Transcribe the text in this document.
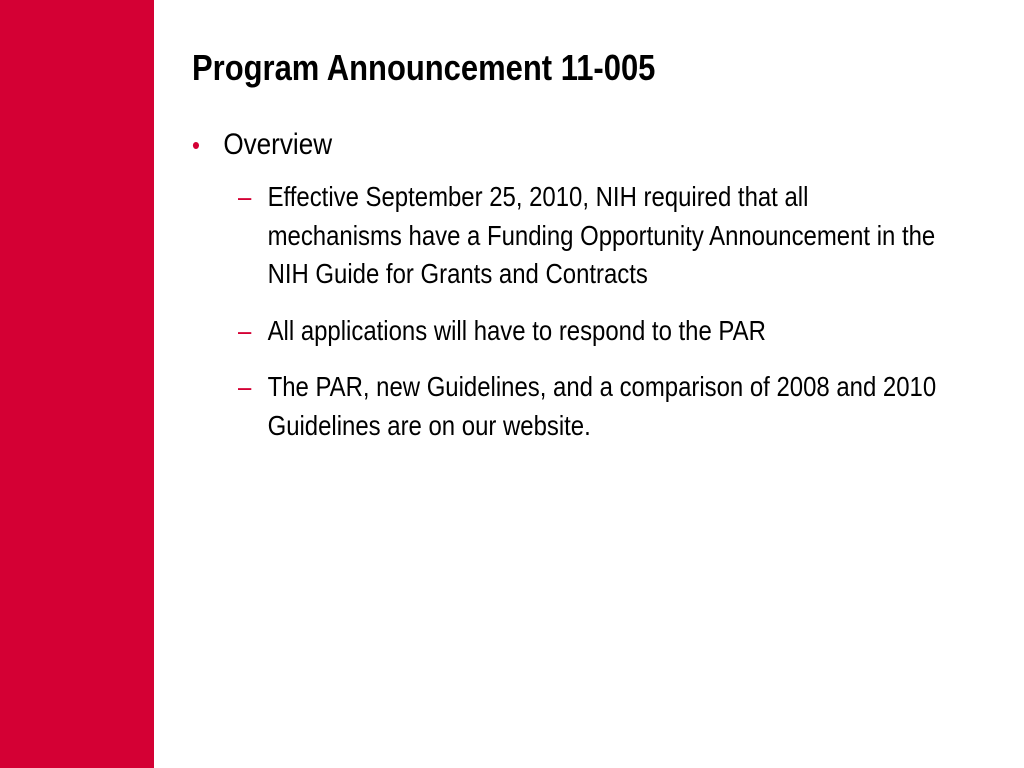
Program Announcement 11-005
• Overview
– Effective September 25, 2010, NIH required that all mechanisms have a Funding Opportunity Announcement in the NIH Guide for Grants and Contracts
– All applications will have to respond to the PAR
– The PAR, new Guidelines, and a comparison of 2008 and 2010 Guidelines are on our website.
